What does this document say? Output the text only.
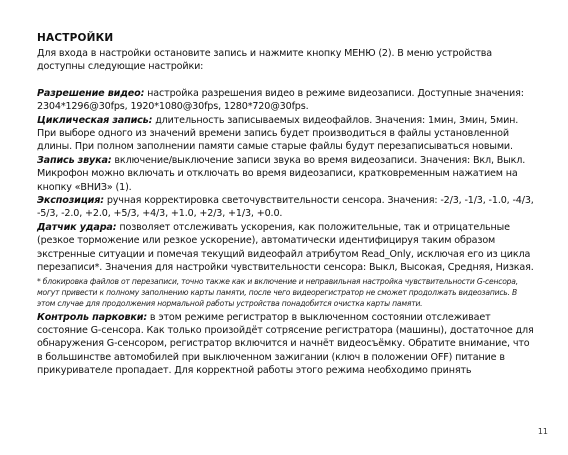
НАСТРОЙКИ

Для входа в настройки остановите запись и нажмите кнопку МЕНЮ (2). В меню устройства доступны следующие настройки:

Разрешение видео: настройка разрешения видео в режиме видеозаписи. Доступные значения: 2304*1296@30fps, 1920*1080@30fps, 1280*720@30fps.

Циклическая запись: длительность записываемых видеофайлов. Значения: 1мин, 3мин, 5мин. При выборе одного из значений времени запись будет производиться в файлы установленной длины. При полном заполнении памяти самые старые файлы будут перезаписываться новыми.

Запись звука: включение/выключение записи звука во время видеозаписи. Значения: Вкл, Выкл. Микрофон можно включать и отключать во время видеозаписи, кратковременным нажатием на кнопку «ВНИЗ» (1).

Экспозиция: ручная корректировка светочувствительности сенсора. Значения: -2/3, -1/3, -1.0, -4/3, -5/3, -2.0, +2.0, +5/3, +4/3, +1.0, +2/3, +1/3, +0.0.

Датчик удара: позволяет отслеживать ускорения, как положительные, так и отрицательные (резкое торможение или резкое ускорение), автоматически идентифицируя таким образом экстренные ситуации и помечая текущий видеофайл атрибутом Read_Only, исключая его из цикла перезаписи*. Значения для настройки чувствительности сенсора: Выкл, Высокая, Средняя, Низкая.

* блокировка файлов от перезаписи, точно также как и включение и неправильная настройка чувствительности G-сенсора, могут привести к полному заполнению карты памяти, после чего видеорегистратор не сможет продолжать видеозапись. В этом случае для продолжения нормальной работы устройства понадобится очистка карты памяти.

Контроль парковки: в этом режиме регистратор в выключенном состоянии отслеживает состояние G-сенсора. Как только произойдёт сотрясение регистратора (машины), достаточное для обнаружения G-сенсором, регистратор включится и начнёт видеосъёмку. Обратите внимание, что в большинстве автомобилей при выключенном зажигании (ключ в положении OFF) питание в прикуривателе пропадает. Для корректной работы этого режима необходимо принять

11
